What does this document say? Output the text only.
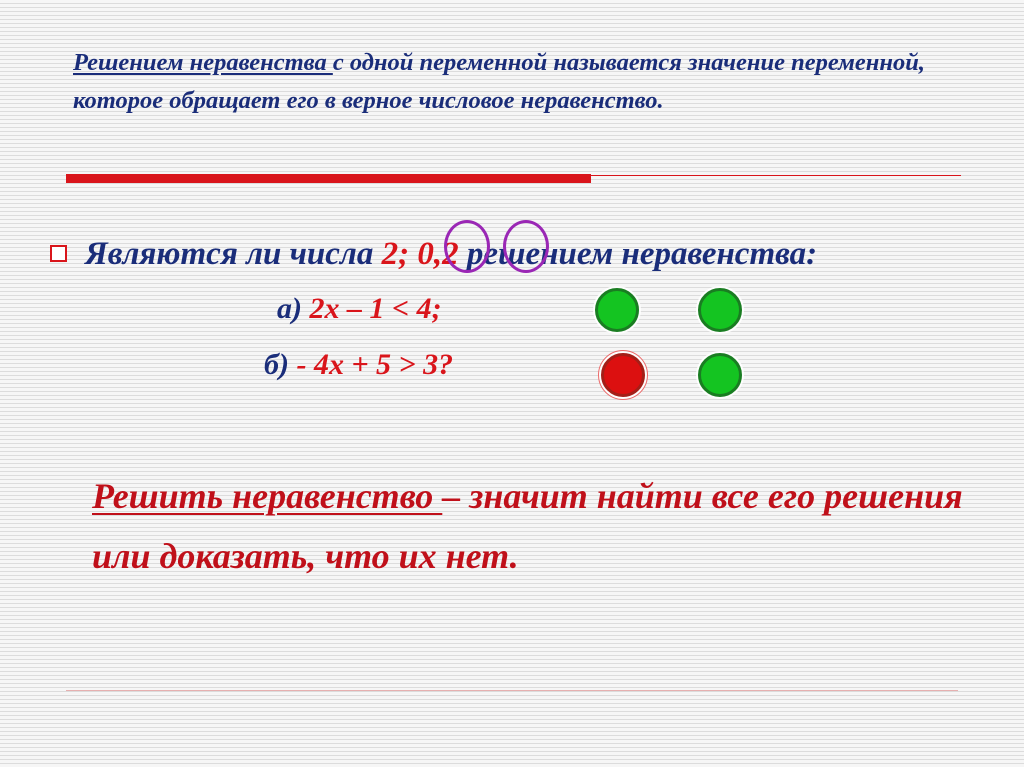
Решением неравенства с одной переменной называется значение переменной, которое обращает его в верное числовое неравенство.
Являются ли числа 2; 0,2 решением неравенства:
а) 2х – 1 < 4;
б) - 4х + 5 > 3?
Решить неравенство – значит найти все его решения или доказать, что их нет.
